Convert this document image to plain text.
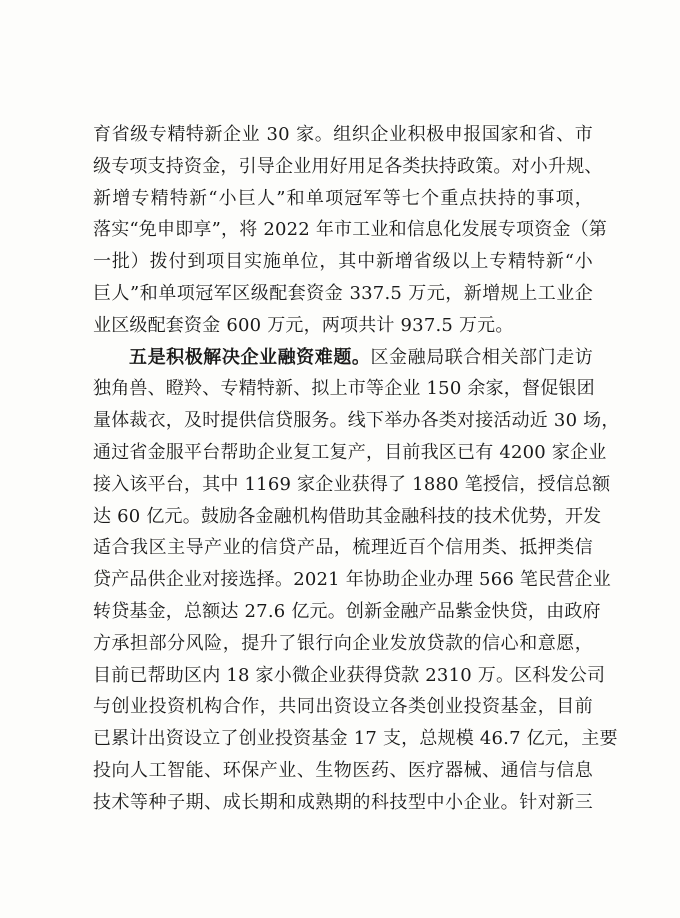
育省级专精特新企业 30 家。组织企业积极申报国家和省、市
级专项支持资金，引导企业用好用足各类扶持政策。对小升规、
新增专精特新“小巨人”和单项冠军等七个重点扶持的事项，
落实“免申即享”，将 2022 年市工业和信息化发展专项资金（第
一批）拨付到项目实施单位，其中新增省级以上专精特新“小
巨人”和单项冠军区级配套资金 337.5 万元，新增规上工业企
业区级配套资金 600 万元，两项共计 937.5 万元。
五是积极解决企业融资难题。区金融局联合相关部门走访
独角兽、瞪羚、专精特新、拟上市等企业 150 余家，督促银团
量体裁衣，及时提供信贷服务。线下举办各类对接活动近 30 场，
通过省金服平台帮助企业复工复产，目前我区已有 4200 家企业
接入该平台，其中 1169 家企业获得了 1880 笔授信，授信总额
达 60 亿元。鼓励各金融机构借助其金融科技的技术优势，开发
适合我区主导产业的信贷产品，梳理近百个信用类、抵押类信
贷产品供企业对接选择。2021 年协助企业办理 566 笔民营企业
转贷基金，总额达 27.6 亿元。创新金融产品紫金快贷，由政府
方承担部分风险，提升了银行向企业发放贷款的信心和意愿，
目前已帮助区内 18 家小微企业获得贷款 2310 万。区科发公司
与创业投资机构合作，共同出资设立各类创业投资基金，目前
已累计出资设立了创业投资基金 17 支，总规模 46.7 亿元，主要
投向人工智能、环保产业、生物医药、医疗器械、通信与信息
技术等种子期、成长期和成熟期的科技型中小企业。针对新三
